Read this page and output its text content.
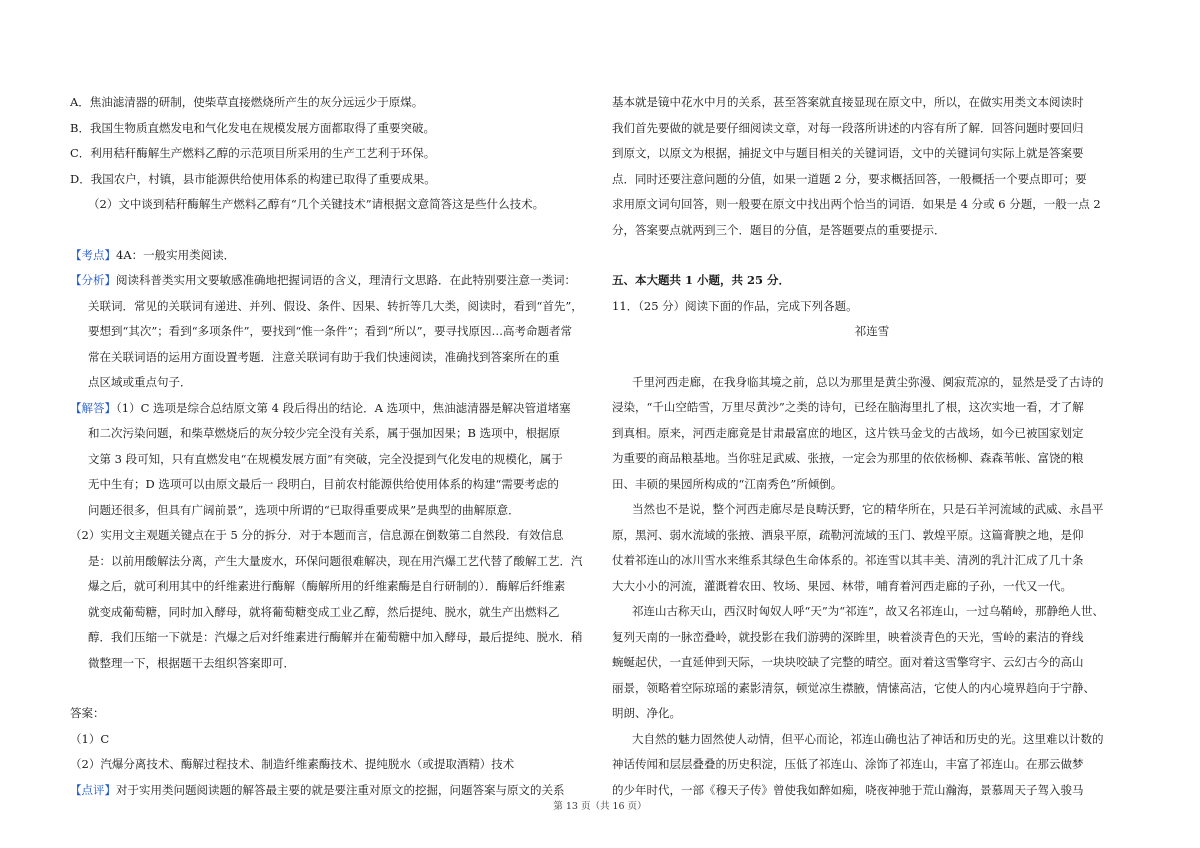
A．焦油滤清器的研制，使柴草直接燃烧所产生的灰分远远少于原煤。

B．我国生物质直燃发电和气化发电在规模发展方面都取得了重要突破。

C．利用秸秆酶解生产燃料乙醇的示范项目所采用的生产工艺利于环保。

D．我国农户，村镇，县市能源供给使用体系的构建已取得了重要成果。

（2）文中谈到秸秆酶解生产燃料乙醇有“几个关键技术”请根据文意简答这是些什么技术。

【考点】4A：一般实用类阅读．

【分析】阅读科普类实用文要敏感准确地把握词语的含义，理清行文思路．在此特别要注意一类词：

关联词．常见的关联词有递进、并列、假设、条件、因果、转折等几大类，阅读时，看到“首先”，

要想到“其次”；看到“多项条件”，要找到“惟一条件”；看到“所以”，要寻找原因…高考命题者常

常在关联词语的运用方面设置考题．注意关联词有助于我们快速阅读，准确找到答案所在的重

点区域或重点句子．

【解答】（1）C 选项是综合总结原文第 4 段后得出的结论．A 选项中，焦油滤清器是解决管道堵塞

和二次污染问题，和柴草燃烧后的灰分较少完全没有关系，属于强加因果；B 选项中，根据原

文第 3 段可知，只有直燃发电“在规模发展方面”有突破，完全没提到气化发电的规模化，属于

无中生有；D 选项可以由原文最后一 段明白，目前农村能源供给使用体系的构建“需要考虑的

问题还很多，但具有广阔前景”，选项中所谓的“已取得重要成果”是典型的曲解原意．

（2）实用文主观题关键点在于 5 分的拆分．对于本题而言，信息源在倒数第二自然段．有效信息

是：以前用酸解法分离，产生大量废水，环保问题很难解决，现在用汽爆工艺代替了酸解工艺．汽

爆之后，就可利用其中的纤维素进行酶解（酶解所用的纤维素酶是自行研制的）．酶解后纤维素

就变成葡萄糖，同时加入酵母，就将葡萄糖变成工业乙醇，然后提纯、脱水，就生产出燃料乙

醇．我们压缩一下就是：汽爆之后对纤维素进行酶解并在葡萄糖中加入酵母，最后提纯、脱水．稍

微整理一下，根据题干去组织答案即可．

答案：

（1）C

（2）汽爆分离技术、酶解过程技术、制造纤维素酶技术、提纯脱水（或提取酒精）技术

【点评】对于实用类问题阅读题的解答最主要的就是要注重对原文的挖掘，问题答案与原文的关系

基本就是镜中花水中月的关系，甚至答案就直接显现在原文中，所以，在做实用类文本阅读时

我们首先要做的就是要仔细阅读文章，对每一段落所讲述的内容有所了解．回答问题时要回归

到原文，以原文为根据，捕捉文中与题目相关的关键词语，文中的关键词句实际上就是答案要

点．同时还要注意问题的分值，如果一道题 2 分，要求概括回答，一般概括一个要点即可；要

求用原文词句回答，则一般要在原文中找出两个恰当的词语．如果是 4 分或 6 分题，一般一点 2

分，答案要点就两到三个．题目的分值，是答题要点的重要提示．

五、本大题共 1 小题，共 25 分．

11．（25 分）阅读下面的作品，完成下列各题。

祁连雪

千里河西走廊，在我身临其境之前，总以为那里是黄尘弥漫、阒寂荒凉的，显然是受了古诗的

浸染，“千山空皓雪，万里尽黄沙”之类的诗句，已经在脑海里扎了根，这次实地一看，才了解

到真相。原来，河西走廊竟是甘肃最富庶的地区，这片铁马金戈的古战场，如今已被国家划定

为重要的商品粮基地。当你驻足武威、张掖，一定会为那里的依依杨柳、森森苇帐、富饶的粮

田、丰硕的果园所构成的“江南秀色”所倾倒。

当然也不是说，整个河西走廊尽是良畴沃野，它的精华所在，只是石羊河流域的武威、永昌平

原，黑河、弱水流域的张掖、酒泉平原，疏勒河流域的玉门、敦煌平原。这篇膏腴之地，是仰

仗着祁连山的冰川雪水来维系其绿色生命体系的。祁连雪以其丰美、清冽的乳汁汇成了几十条

大大小小的河流，灌溉着农田、牧场、果园、林带，哺育着河西走廊的子孙，一代又一代。

祁连山古称天山，西汉时匈奴人呼“天”为“祁连”，故又名祁连山，一过乌鞘岭，那静绝人世、

复列天南的一脉峦叠岭，就投影在我们游骋的深眸里，映着淡青色的天光，雪岭的素洁的脊线

蜿蜒起伏，一直延伸到天际，一块块咬缺了完整的晴空。面对着这雪擎穹宇、云幻古今的高山

丽景，领略着空际琼瑶的素影清氛，顿觉凉生襟腋，情愫高洁，它使人的内心境界趋向于宁静、

明朗、净化。

大自然的魅力固然使人动情，但平心而论，祁连山确也沾了神话和历史的光。这里难以计数的

神话传闻和层层叠叠的历史积淀，压低了祁连山、涂饰了祁连山，丰富了祁连山。在那云做梦

的少年时代，一部《穆天子传》曾使我如醉如痴，哓夜神驰于荒山瀚海，景慕周天子驾入骏马

第 13 页（共 16 页）
